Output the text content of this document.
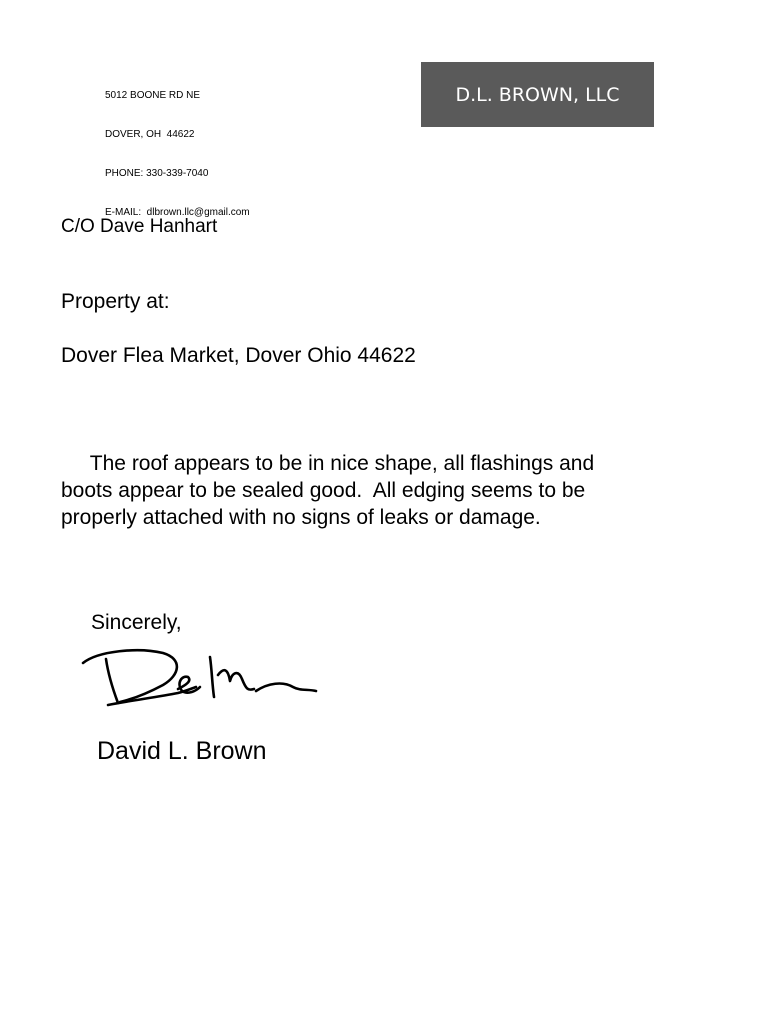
5012 BOONE RD NE

DOVER, OH  44622

PHONE: 330-339-7040

E-MAIL:  dlbrown.llc@gmail.com

D.L. BROWN, LLC
C/O Dave Hanhart
Property at:
Dover Flea Market, Dover Ohio 44622
The roof appears to be in nice shape, all flashings and
boots appear to be sealed good.  All edging seems to be
properly attached with no signs of leaks or damage.
Sincerely,
David L. Brown
